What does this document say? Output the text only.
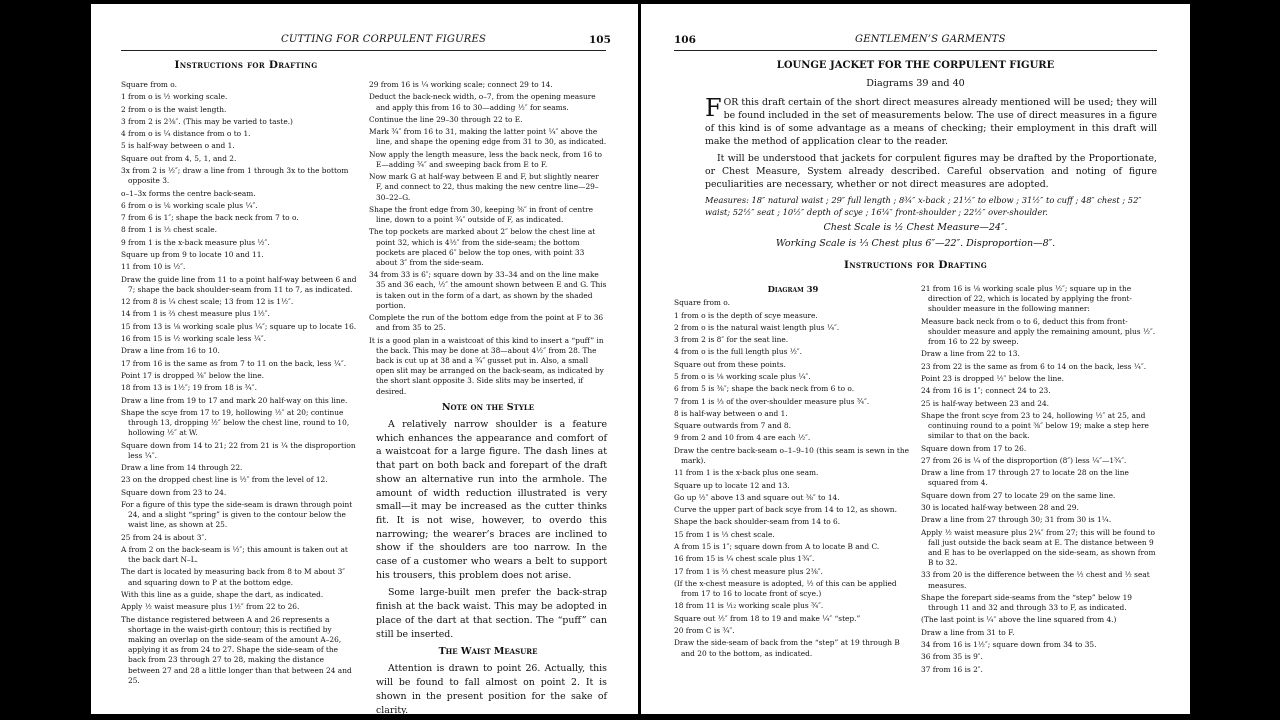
CUTTING FOR CORPULENT FIGURES	105
Instructions for Drafting

Square from o.

1 from o is ½ working scale.

2 from o is the waist length.

3 from 2 is 2⅜″. (This may be varied to taste.)

4 from o is ¼ distance from o to 1.

5 is half-way between o and 1.

Square out from 4, 5, 1, and 2.

3x from 2 is ½″; draw a line from 1 through 3x to the bottom opposite 3.

o–1–3x forms the centre back-seam.

6 from o is ⅙ working scale plus ¼″.

7 from 6 is 1″; shape the back neck from 7 to o.

8 from 1 is ⅓ chest scale.

9 from 1 is the x-back measure plus ½″.

Square up from 9 to locate 10 and 11.

11 from 10 is ½″.

Draw the guide line from 11 to a point half-way between 6 and 7; shape the back shoulder-seam from 11 to 7, as indicated.

12 from 8 is ¼ chest scale; 13 from 12 is 1½″.

14 from 1 is ⅔ chest measure plus 1½″.

15 from 13 is ⅛ working scale plus ¼″; square up to locate 16.

16 from 15 is ½ working scale less ¼″.

Draw a line from 16 to 10.

17 from 16 is the same as from 7 to 11 on the back, less ¼″.

Point 17 is dropped ⅜″ below the line.

18 from 13 is 1½″; 19 from 18 is ¾″.

Draw a line from 19 to 17 and mark 20 half-way on this line.

Shape the scye from 17 to 19, hollowing ½″ at 20; continue through 13, dropping ½″ below the chest line, round to 10, hollowing ½″ at W.

Square down from 14 to 21; 22 from 21 is ¼ the disproportion less ¼″.

Draw a line from 14 through 22.

23 on the dropped chest line is ½″ from the level of 12.

Square down from 23 to 24.

For a figure of this type the side-seam is drawn through point 24, and a slight “spring” is given to the contour below the waist line, as shown at 25.

25 from 24 is about 3″.

A from 2 on the back-seam is ½″; this amount is taken out at the back dart N–L.

The dart is located by measuring back from 8 to M about 3″ and squaring down to P at the bottom edge.

With this line as a guide, shape the dart, as indicated.

Apply ½ waist measure plus 1½″ from 22 to 26.

The distance registered between A and 26 represents a shortage in the waist-girth contour; this is rectified by making an overlap on the side-seam of the amount A–26, applying it as from 24 to 27. Shape the side-seam of the back from 23 through 27 to 28, making the distance between 27 and 28 a little longer than that between 24 and 25.

29 from 16 is ¼ working scale; connect 29 to 14.

Deduct the back-neck width, o–7, from the opening measure and apply this from 16 to 30—adding ½″ for seams.

Continue the line 29–30 through 22 to E.

Mark ¾″ from 16 to 31, making the latter point ¼″ above the line, and shape the opening edge from 31 to 30, as indicated.

Now apply the length measure, less the back neck, from 16 to E—adding ¾″ and sweeping back from E to F.

Now mark G at half-way between E and F, but slightly nearer F, and connect to 22, thus making the new centre line—29–30–22–G.

Shape the front edge from 30, keeping ⅜″ in front of centre line, down to a point ¾″ outside of F, as indicated.

The top pockets are marked about 2″ below the chest line at point 32, which is 4½″ from the side-seam; the bottom pockets are placed 6″ below the top ones, with point 33 about 3″ from the side-seam.

34 from 33 is 6″; square down by 33–34 and on the line make 35 and 36 each, ½″ the amount shown between E and G. This is taken out in the form of a dart, as shown by the shaded portion.

Complete the run of the bottom edge from the point at F to 36 and from 35 to 25.

It is a good plan in a waistcoat of this kind to insert a “puff” in the back. This may be done at 38—about 4½″ from 28. The back is cut up at 38 and a ¾″ gusset put in. Also, a small open slit may be arranged on the back-seam, as indicated by the short slant opposite 3. Side slits may be inserted, if desired.

Note on the Style

A relatively narrow shoulder is a feature which enhances the appearance and comfort of a waistcoat for a large figure. The dash lines at that part on both back and forepart of the draft show an alternative run into the armhole. The amount of width reduction illustrated is very small—it may be increased as the cutter thinks fit. It is not wise, however, to overdo this narrowing; the wearer’s braces are inclined to show if the shoulders are too narrow. In the case of a customer who wears a belt to support his trousers, this problem does not arise.

Some large-built men prefer the back-strap finish at the back waist. This may be adopted in place of the dart at that section. The “puff” can still be inserted.

The Waist Measure

Attention is drawn to point 26. Actually, this will be found to fall almost on point 2. It is shown in the present position for the sake of clarity.

106	GENTLEMEN’S GARMENTS
LOUNGE JACKET FOR THE CORPULENT FIGURE
Diagrams 39 and 40

FOR this draft certain of the short direct measures already mentioned will be used; they will be found included in the set of measurements below. The use of direct measures in a figure of this kind is of some advantage as a means of checking; their employment in this draft will make the method of application clear to the reader.

It will be understood that jackets for corpulent figures may be drafted by the Proportionate, or Chest Measure, System already described. Careful observation and noting of figure peculiarities are necessary, whether or not direct measures are adopted.

Measures: 18″ natural waist ; 29″ full length ; 8¾″ x-back ; 21½″ to elbow ; 31½″ to cuff ; 48″ chest ; 52″ waist; 52½″ seat ; 10½″ depth of scye ; 16¼″ front-shoulder ; 22½″ over-shoulder.
Chest Scale is ½ Chest Measure—24″.
Working Scale is ⅓ Chest plus 6″—22″. Disproportion—8″.
Instructions for Drafting
Diagram 39

Square from o.

1 from o is the depth of scye measure.

2 from o is the natural waist length plus ¼″.

3 from 2 is 8″ for the seat line.

4 from o is the full length plus ½″.

Square out from these points.

5 from o is ⅛ working scale plus ¼″.

6 from 5 is ⅜″; shape the back neck from 6 to o.

7 from 1 is ⅓ of the over-shoulder measure plus ¾″.

8 is half-way between o and 1.

Square outwards from 7 and 8.

9 from 2 and 10 from 4 are each ½″.

Draw the centre back-seam o–1–9–10 (this seam is sewn in the mark).

11 from 1 is the x-back plus one seam.

Square up to locate 12 and 13.

Go up ½″ above 13 and square out ⅜″ to 14.

Curve the upper part of back scye from 14 to 12, as shown.

Shape the back shoulder-seam from 14 to 6.

15 from 1 is ⅓ chest scale.

A from 15 is 1″; square down from A to locate B and C.

16 from 15 is ¼ chest scale plus 1¾″.

17 from 1 is ⅔ chest measure plus 2⅜″.

(If the x-chest measure is adopted, ½ of this can be applied from 17 to 16 to locate front of scye.)

18 from 11 is ¹⁄₁₂ working scale plus ¾″.

Square out ½″ from 18 to 19 and make ¼″ “step.”

20 from C is ¾″.

Draw the side-seam of back from the “step” at 19 through B and 20 to the bottom, as indicated.

21 from 16 is ⅛ working scale plus ½″; square up in the direction of 22, which is located by applying the front-shoulder measure in the following manner:

Measure back neck from o to 6, deduct this from front-shoulder measure and apply the remaining amount, plus ½″. from 16 to 22 by sweep.

Draw a line from 22 to 13.

23 from 22 is the same as from 6 to 14 on the back, less ¼″.

Point 23 is dropped ½″ below the line.

24 from 16 is 1″; connect 24 to 23.

25 is half-way between 23 and 24.

Shape the front scye from 23 to 24, hollowing ½″ at 25, and continuing round to a point ⅜″ below 19; make a step here similar to that on the back.

Square down from 17 to 26.

27 from 26 is ¼ of the disproportion (8″) less ¼″—1¾″.

Draw a line from 17 through 27 to locate 28 on the line squared from 4.

Square down from 27 to locate 29 on the same line.

30 is located half-way between 28 and 29.

Draw a line from 27 through 30; 31 from 30 is 1¼.

Apply ½ waist measure plus 2¼″ from 27; this will be found to fall just outside the back seam at E. The distance between 9 and E has to be overlapped on the side-seam, as shown from B to 32.

33 from 20 is the difference between the ½ chest and ½ seat measures.

Shape the forepart side-seams from the “step” below 19 through 11 and 32 and through 33 to F, as indicated.

(The last point is ¼″ above the line squared from 4.)

Draw a line from 31 to F.

34 from 16 is 1½″; square down from 34 to 35.

36 from 35 is 9″.

37 from 16 is 2″.
